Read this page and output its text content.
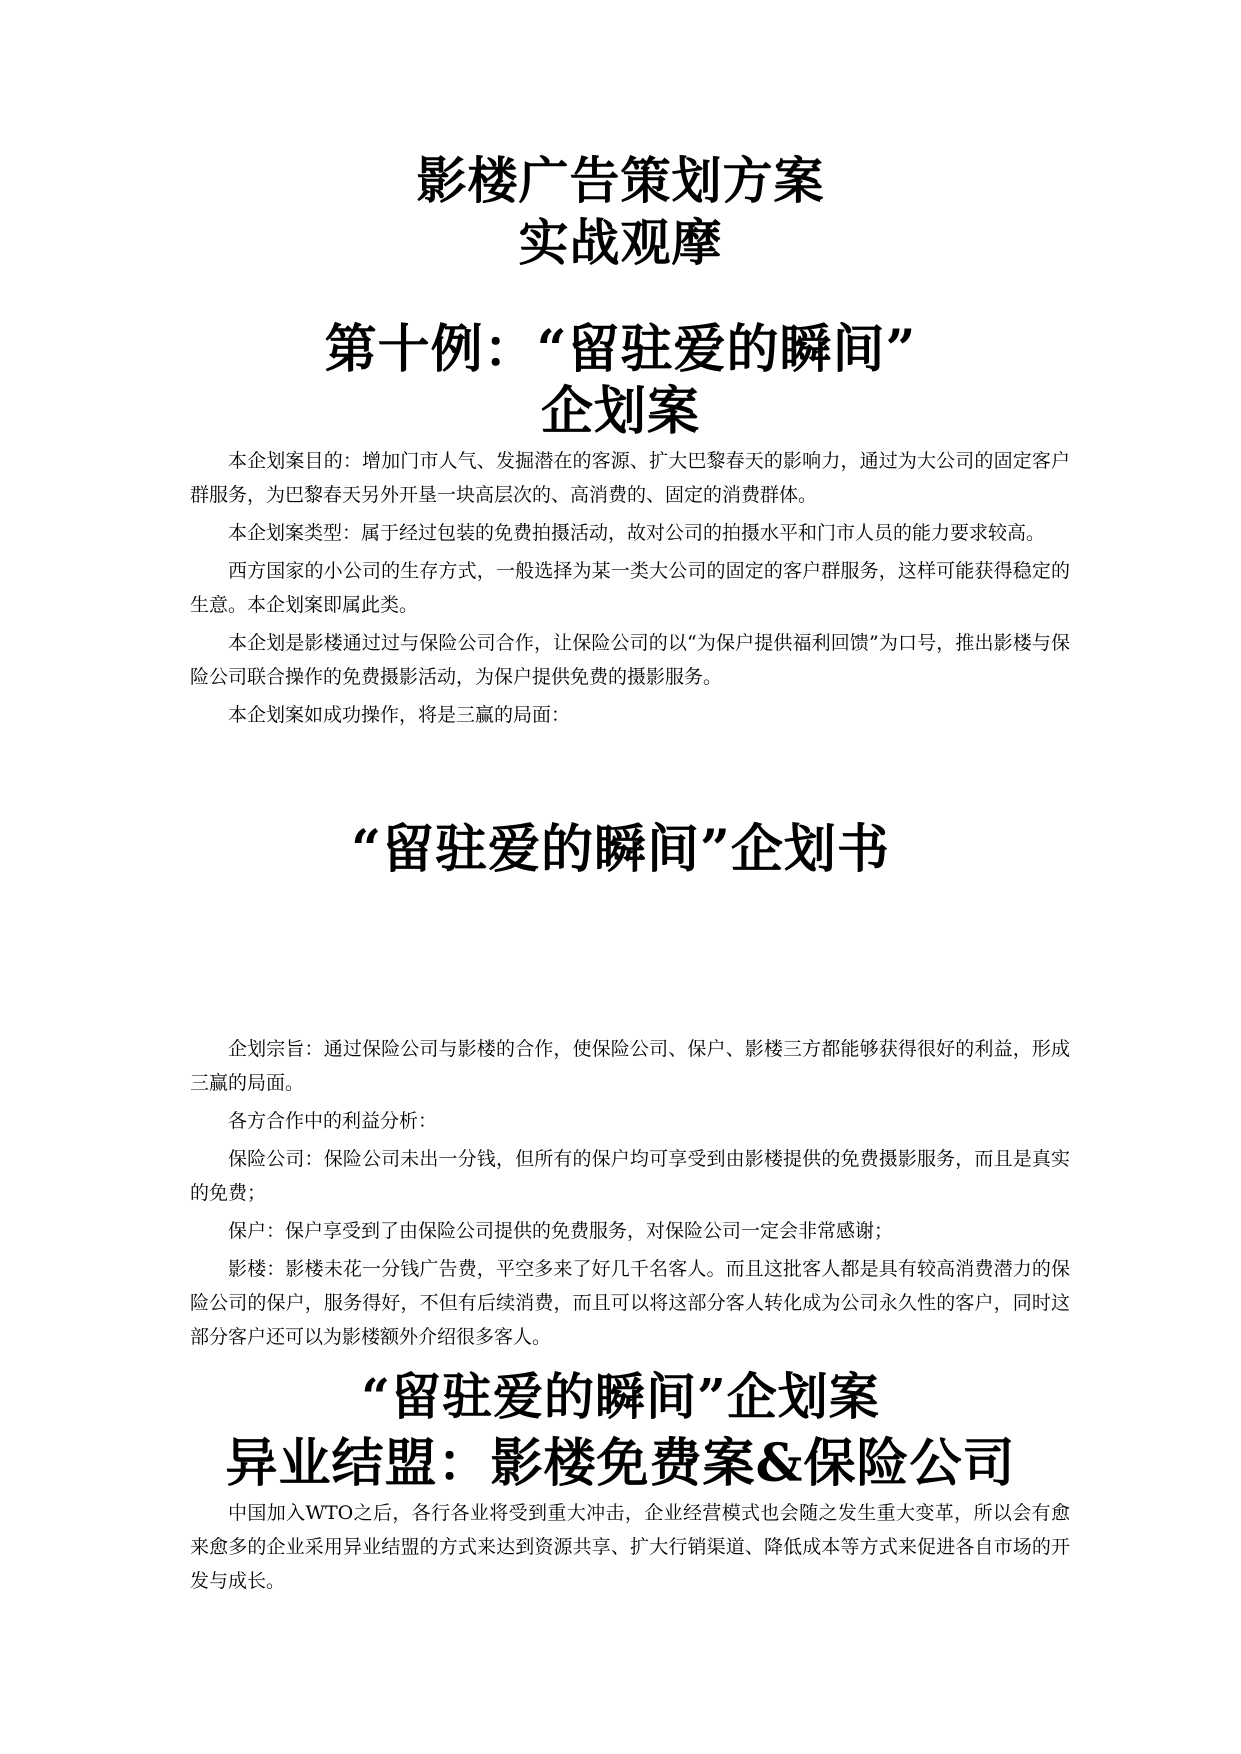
影楼广告策划方案
实战观摩
第十例：“留驻爱的瞬间”
企划案

本企划案目的：增加门市人气、发掘潜在的客源、扩大巴黎春天的影响力，通过为大公司的固定客户群服务，为巴黎春天另外开垦一块高层次的、高消费的、固定的消费群体。

本企划案类型：属于经过包装的免费拍摄活动，故对公司的拍摄水平和门市人员的能力要求较高。

西方国家的小公司的生存方式，一般选择为某一类大公司的固定的客户群服务，这样可能获得稳定的生意。本企划案即属此类。

本企划是影楼通过过与保险公司合作，让保险公司的以“为保户提供福利回馈”为口号，推出影楼与保险公司联合操作的免费摄影活动，为保户提供免费的摄影服务。

本企划案如成功操作，将是三赢的局面：

“留驻爱的瞬间”企划书

企划宗旨：通过保险公司与影楼的合作，使保险公司、保户、影楼三方都能够获得很好的利益，形成三赢的局面。

各方合作中的利益分析：

保险公司：保险公司未出一分钱，但所有的保户均可享受到由影楼提供的免费摄影服务，而且是真实的免费；

保户：保户享受到了由保险公司提供的免费服务，对保险公司一定会非常感谢；

影楼：影楼未花一分钱广告费，平空多来了好几千名客人。而且这批客人都是具有较高消费潜力的保险公司的保户，服务得好，不但有后续消费，而且可以将这部分客人转化成为公司永久性的客户，同时这部分客户还可以为影楼额外介绍很多客人。

“留驻爱的瞬间”企划案
异业结盟：影楼免费案&保险公司

中国加入WTO之后，各行各业将受到重大冲击，企业经营模式也会随之发生重大变革，所以会有愈来愈多的企业采用异业结盟的方式来达到资源共享、扩大行销渠道、降低成本等方式来促进各自市场的开发与成长。
